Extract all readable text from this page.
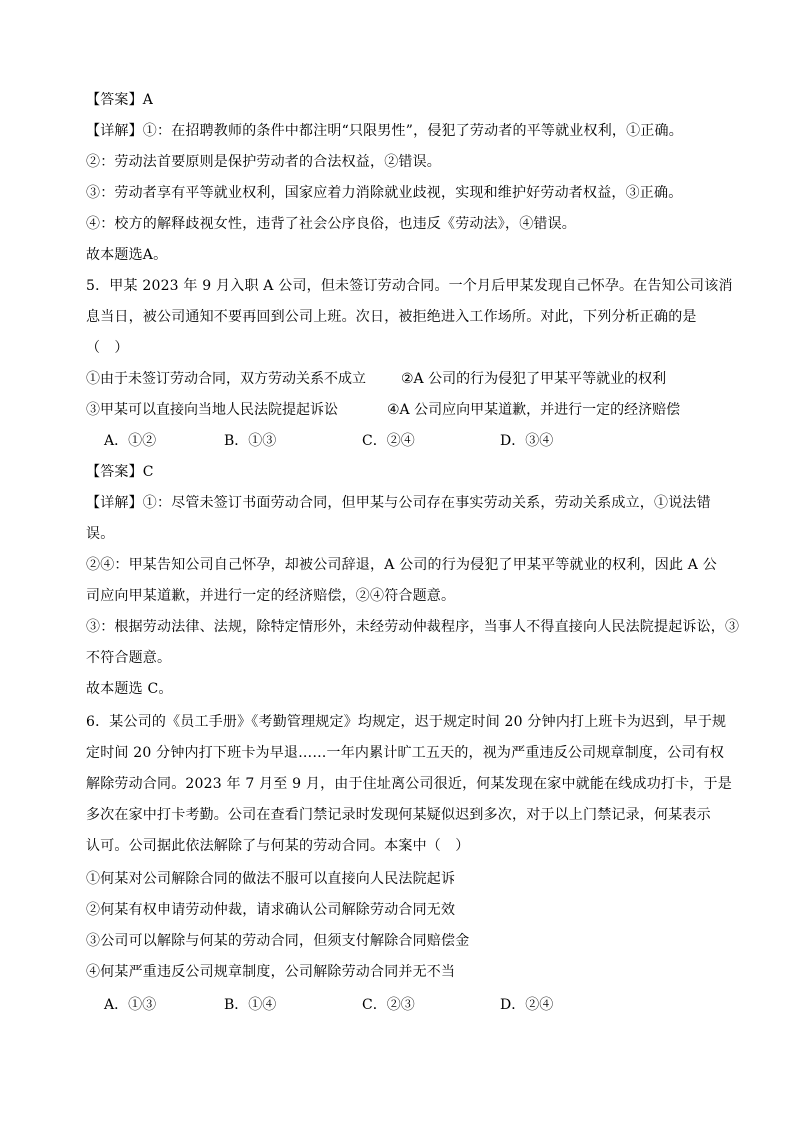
【答案】A
【详解】①：在招聘教师的条件中都注明“只限男性”，侵犯了劳动者的平等就业权利，①正确。
②：劳动法首要原则是保护劳动者的合法权益，②错误。
③：劳动者享有平等就业权利，国家应着力消除就业歧视，实现和维护好劳动者权益，③正确。
④：校方的解释歧视女性，违背了社会公序良俗，也违反《劳动法》，④错误。
故本题选A。
5．甲某 2023 年 9 月入职 A 公司，但未签订劳动合同。一个月后甲某发现自己怀孕。在告知公司该消
息当日，被公司通知不要再回到公司上班。次日，被拒绝进入工作场所。对此，下列分析正确的是
（　）
①由于未签订劳动合同，双方劳动关系不成立	②A 公司的行为侵犯了甲某平等就业的权利
③甲某可以直接向当地人民法院提起诉讼	④A 公司应向甲某道歉，并进行一定的经济赔偿
A．①②	B．①③	C．②④	D．③④
【答案】C
【详解】①：尽管未签订书面劳动合同，但甲某与公司存在事实劳动关系，劳动关系成立，①说法错
误。
②④：甲某告知公司自己怀孕，却被公司辞退，A 公司的行为侵犯了甲某平等就业的权利，因此 A 公
司应向甲某道歉，并进行一定的经济赔偿，②④符合题意。
③：根据劳动法律、法规，除特定情形外，未经劳动仲裁程序，当事人不得直接向人民法院提起诉讼，③
不符合题意。
故本题选 C。
6．某公司的《员工手册》《考勤管理规定》均规定，迟于规定时间 20 分钟内打上班卡为迟到，早于规
定时间 20 分钟内打下班卡为早退……一年内累计旷工五天的，视为严重违反公司规章制度，公司有权
解除劳动合同。2023 年 7 月至 9 月，由于住址离公司很近，何某发现在家中就能在线成功打卡，于是
多次在家中打卡考勤。公司在查看门禁记录时发现何某疑似迟到多次，对于以上门禁记录，何某表示
认可。公司据此依法解除了与何某的劳动合同。本案中（　）
①何某对公司解除合同的做法不服可以直接向人民法院起诉
②何某有权申请劳动仲裁，请求确认公司解除劳动合同无效
③公司可以解除与何某的劳动合同，但须支付解除合同赔偿金
④何某严重违反公司规章制度，公司解除劳动合同并无不当
A．①③	B．①④	C．②③	D．②④
